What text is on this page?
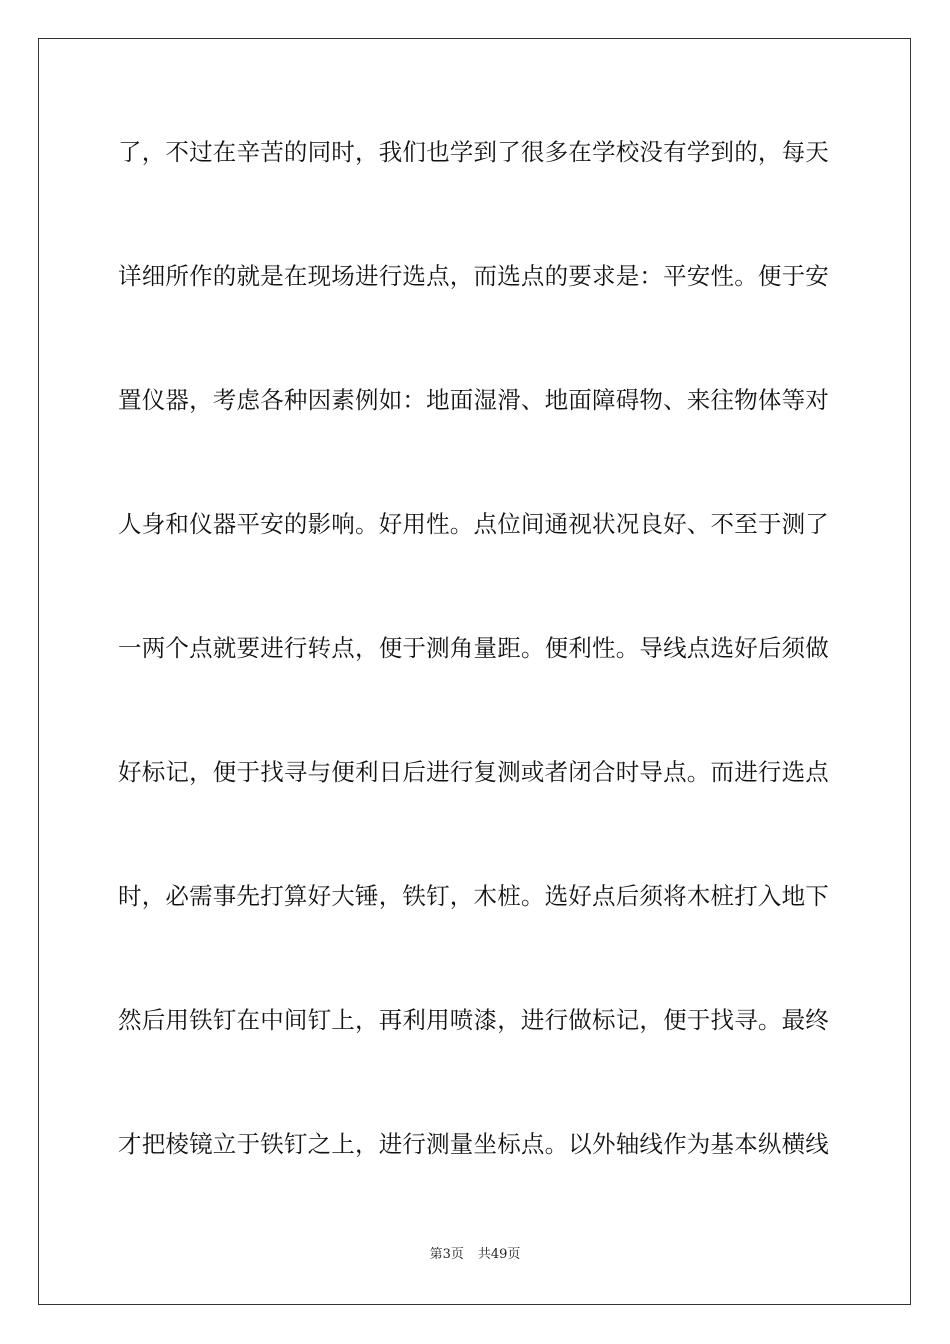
了，不过在辛苦的同时，我们也学到了很多在学校没有学到的，每天
详细所作的就是在现场进行选点，而选点的要求是：平安性。便于安
置仪器，考虑各种因素例如：地面湿滑、地面障碍物、来往物体等对
人身和仪器平安的影响。好用性。点位间通视状况良好、不至于测了
一两个点就要进行转点，便于测角量距。便利性。导线点选好后须做
好标记，便于找寻与便利日后进行复测或者闭合时导点。而进行选点
时，必需事先打算好大锤，铁钉，木桩。选好点后须将木桩打入地下
然后用铁钉在中间钉上，再利用喷漆，进行做标记，便于找寻。最终
才把棱镜立于铁钉之上，进行测量坐标点。以外轴线作为基本纵横线
第3页 共49页
